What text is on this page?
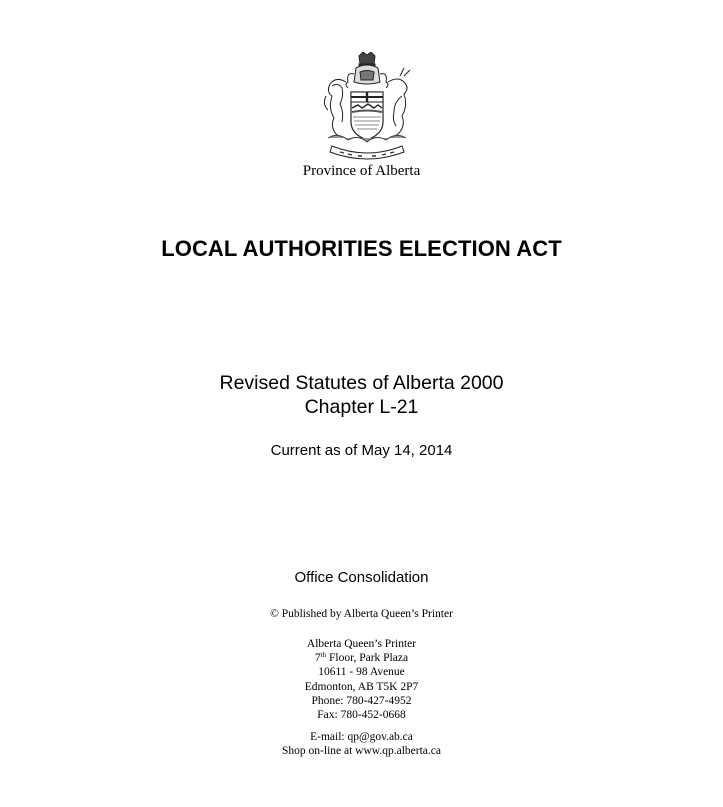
Province of Alberta
LOCAL AUTHORITIES ELECTION ACT
Revised Statutes of Alberta 2000
Chapter L-21
Current as of May 14, 2014
Office Consolidation
© Published by Alberta Queen’s Printer
Alberta Queen’s Printer
7th Floor, Park Plaza
10611 - 98 Avenue
Edmonton, AB T5K 2P7
Phone: 780-427-4952
Fax: 780-452-0668
E-mail: qp@gov.ab.ca
Shop on-line at www.qp.alberta.ca
